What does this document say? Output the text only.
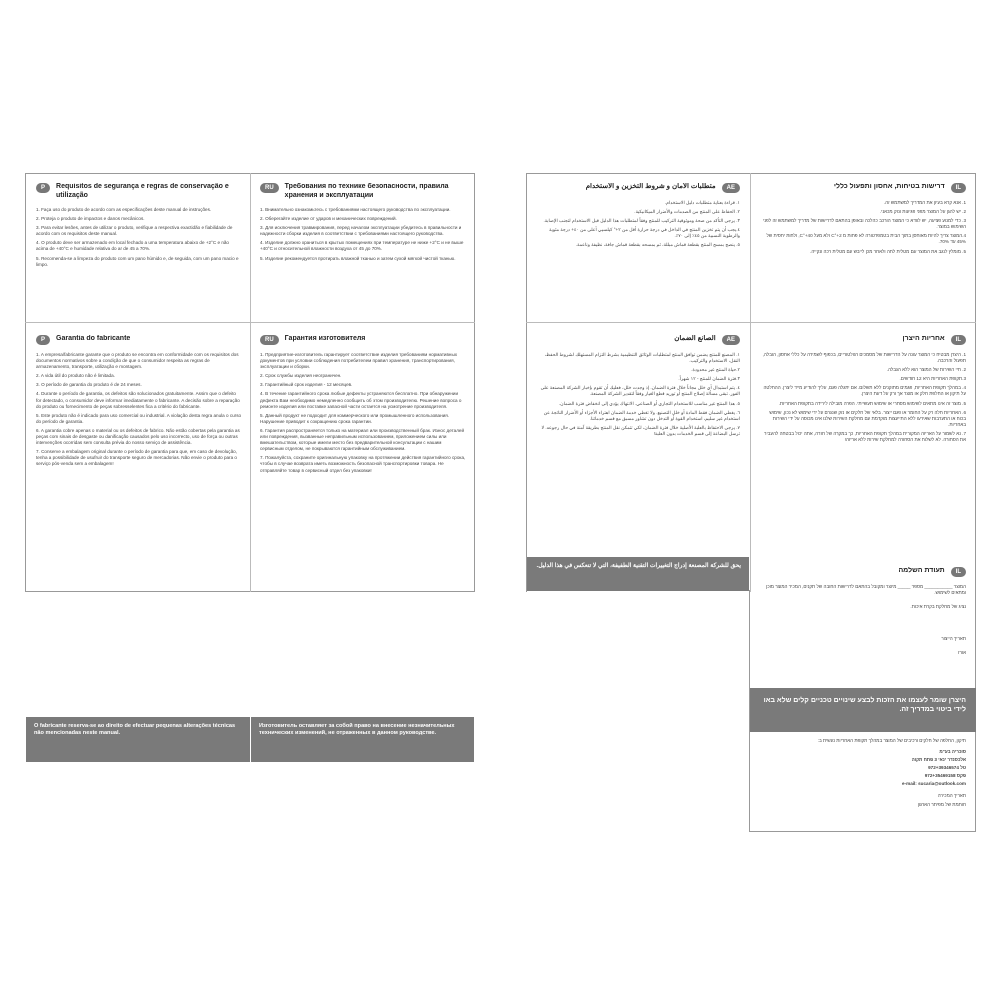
P	Requisitos de segurança e regras de conservação e utilização

1. Faça uso do produto de acordo com as especificações deste manual de instruções.

2. Proteja o produto de impactos e danos mecânicos.

3. Para evitar lesões, antes de utilizar o produto, verifique a respectiva exactidão e fiabilidade de acordo com os requisitos deste manual.

4. O produto deve ser armazenado em local fechado a uma temperatura abaixo de +2°C e não acima de +40°C e humidade relativa do ar de 45 a 70%.

5. Recomenda-se a limpeza do produto com um pano húmido e, de seguida, com um pano macio e limpo.

RU	Требования по технике безопасности, правила хранения и эксплуатации

1. Внимательно ознакомьтесь с требованиями настоящего руководства по эксплуатации.

2. Оберегайте изделие от ударов и механических повреждений.

3. Для исключения травмирования, перед началом эксплуатации убедитесь в правильности и надежности сборки изделия в соответствии с требованиями настоящего руководства.

4. Изделие должно храниться в крытых помещениях при температуре не ниже +2°C и не выше +40°C и относительной влажности воздуха от 45 до 70%.

5. Изделие рекомендуется протирать влажной тканью и затем сухой мягкой чистой тканью.

P	Garantia do fabricante

1. A empresa/fabricante garante que o produto se encontra em conformidade com os requisitos dos documentos normativos sobre a condição de que o consumidor respeita as regras de armazenamento, transporte, utilização e montagem.

2. A vida útil do produto não é limitada.

3. O período de garantia do produto é de 24 meses.

4. Durante o período de garantia, os defeitos são solucionados gratuitamente. Assim que o defeito for detectado, o consumidor deve informar imediatamente o fabricante. A decisão sobre a reparação do produto ou fornecimento de peças sobresselentes fica a critério do fabricante.

5. Este produto não é indicado para uso comercial ou industrial. A violação desta regra anula o curso do período de garantia.

6. A garantia cobre apenas o material ou os defeitos de fabrico. Não estão cobertas pela garantia as peças com sinais de desgaste ou danificação causados pelo uso incorrecto, uso de força ou outras intervenções ocorridas sem consulta prévia do nosso serviço de assistência.

7. Conserve a embalagem original durante o período de garantia para que, em caso de devolução, tenha a possibilidade de usufruir do transporte seguro de mercadorias. Não envie o produto para o serviço pós-venda sem a embalagem!

RU	Гарантия изготовителя

1. Предприятие-изготовитель гарантирует соответствие изделия требованиям нормативных документов при условии соблюдения потребителем правил хранения, транспортирования, эксплуатации и сборки.

2. Срок службы изделия неограничен.

3. Гарантийный срок изделия - 12 месяцев.

4. В течение гарантийного срока любые дефекты устраняются бесплатно. При обнаружении дефекта Вам необходимо немедленно сообщить об этом производителю. Решение вопроса о ремонте изделия или поставке запасной части остается на усмотрение производителя.

5. Данный продукт не подходит для коммерческого или промышленного использования. Нарушение приводит к сокращению срока гарантии.

6. Гарантия распространяется только на материал или производственный брак. Износ деталей или повреждения, вызванные неправильным использованием, приложением силы или вмешательством, которые имели место без предварительной консультации с нашим сервисным отделом, не покрываются гарантийным обслуживанием.

7. Пожалуйста, сохраните оригинальную упаковку на протяжении действия гарантийного срока, чтобы в случае возврата иметь возможность безопасной транспортировки товара. Не отправляйте товар в сервисный отдел без упаковки!

O fabricante reserva-se ao direito de efectuar pequenas alterações técnicas não mencionadas neste manual.
Изготовитель оставляет за собой право на внесение незначительных технических изменений, не отраженных в данном руководстве.
AE
متطلبات الأمان و شروط التخزين و الاستخدام

١. قراءة بعناية متطلبات دليل الاستخدام.

٢. الحفاظ على المنتج من الصدمات والأضرار الميكانيكية.

٣. يرجى التأكد من صحة وموثوقية التركيب للمنتج وفقاً لمتطلبات هذا الدليل قبل الاستخدام لتجنب الإصابة.

٤.يجب أن يتم تخزين المنتج في الداخل في درجة حرارة أقل من ٢+° كيلسيي أعلى من ٤٠+ درجة مئوية والرطوبة النسبية من ٤٥٪ إلى ٧٠٪.

٥. ينصح بمسح المنتج بقطعة قماش مبللة، ثم بمسحه بقطعة قماش جافة، نظيفة وناعمة.

IL
דרישות בטיחות, אחסון ותפעול כללי

1. אנא קרא בעיון את המדריך למשתמש זה.

2. יש להגן על המוצר מפני פגיעות ונזק מכאני.

3. כדי למנוע פציעה, יש לוודא כי המוצר הורכב כהלכה ובאופן בהתאם לדרישות של מדריך למשתמש זה לפני השימוש במוצר.

4.המוצר צריך להיות מאוחסן בתוך הבית בטמפרטורה לא פחות מ 2+°C ולא מעל 40+°C, ולחות יחסית של 45% עד 70%.

5. מומלץ לנגב את המוצר עם מטלית לחה ולאחר מכן לייבש עם מטלית רכה ונקייה.

AE
الصانع الضمان

١. المصنع للمنتج يضمن توافق المنتج لمتطلبات الوثائق التنظيمية بشرط التزام المستهلك لشروط الحفظ، النقل، الاستخدام والتركيب.

٢.حياة المنتج غير محدودة.

٣.فترة الضمان للمنتج - ١٢ شهراً.

٤. يتم استبدال أي خلل مجاناً خلال فترة الضمان. إذ وجدت خلل، فعليك أن تقوم بإخبار الشركة المصنعة على الفور. تبقى مسألة إصلاح المنتج أو توريد قطع الغيار وفقاً لتقدير الشركة المصنعة.

٥. هذا المنتج غير مناسب للاستخدام التجاري أو الصناعي. الانتهاك يؤدي إلى انخفاض فترة الضمان.

٦. يغطي الضمان فقط المادة أو خلل التصنيع. ولا تغطي خدمة الضمان اهتراء الأجزاء أو الأضرار الناتجة عن استخدام غير سليم، استخدام القوة أو التدخل دون تشاور مسبق مع قسم خدماتنا.

٧. يرجى الاحتفاظ بالعلبة الأصلية خلال فترة الضمان، لكي تتمكن نقل المنتج بطريقة آمنة في حال رجوعه. لا ترسل البضاعة إلى قسم الخدمات بدون العلبة!

IL
אחריות היצרן

1. היצרן מבטיח כי המוצר עונה על הדרישות של מסמכים רגולטוריים, בכפוף לשמירה על כללי אחסון, הובלה, תפעול והרכבה.

2. חיי השירות של המוצר הוא ללא הגבלה.

3.תקופת האחריות היא 12 חודשים.

4. במהלך תקופת האחריות, פגמים מתוקנים ללא תשלום. אם יתגלה פגם, עליך להודיע מייד ליצרן. ההחלטה על תיקון או החלפת חלק או מוצר אך ורק על דעת היצרן.

5. מוצר זה אינו מתאים לשימוש מסחרי או שימוש תעשייתי. הפרה מובילה לירידה בתקופת האחריות.

6. האחריות חלה רק על החומר או פגם ייצור. בלאי של חלקים או נזק שנגרם על ידי שימוש לא נכון, שימוש בכוח או התערבות שאירעו ללא התייעצות מוקדמת עם מחלקת השירות שלנו אינו מכוסה על ידי השירות באחריות.

7. נא לשמור על האריזה המקורית במהלך תקופת האחריות, כך במקרה של חזרה, אתה יכול בבטחה להעביר את הסחורה. לא לשלוח את הסחורה למחלקת שירות ללא אריזה!

يحق للشركة المصنعة إدراج التغييرات التقنية الطفيفة، التي لا تنعكس في هذا الدليل.
IL
תעודת השלמה

המוצר ___________ מספר _____ מיוצר ומקובל בהתאם לדרישות החובה של תקנים, המכיר המוצר מוכן ומתאים לשימוש.

נציג של מחלקת בקרת איכות.

תאריך הייצור

אורז

היצרן שומר לעצמו את הזכות לבצע שינויים טכניים קלים שלא באו לידי ביטוי במדריך זה.

תיקון, החלפה של חלקים ורכיבים של המוצר במהלך תקופת האחריות נעשית ב:

סוכריה בע"מ

אלכסנדר ינאי 3 פתח תקוה

טל 972+39346574

פקס 972+35469158

e-mail: sucaria@outlook.com

תאריך המכירה

חותמת של מפיתר הארגון
